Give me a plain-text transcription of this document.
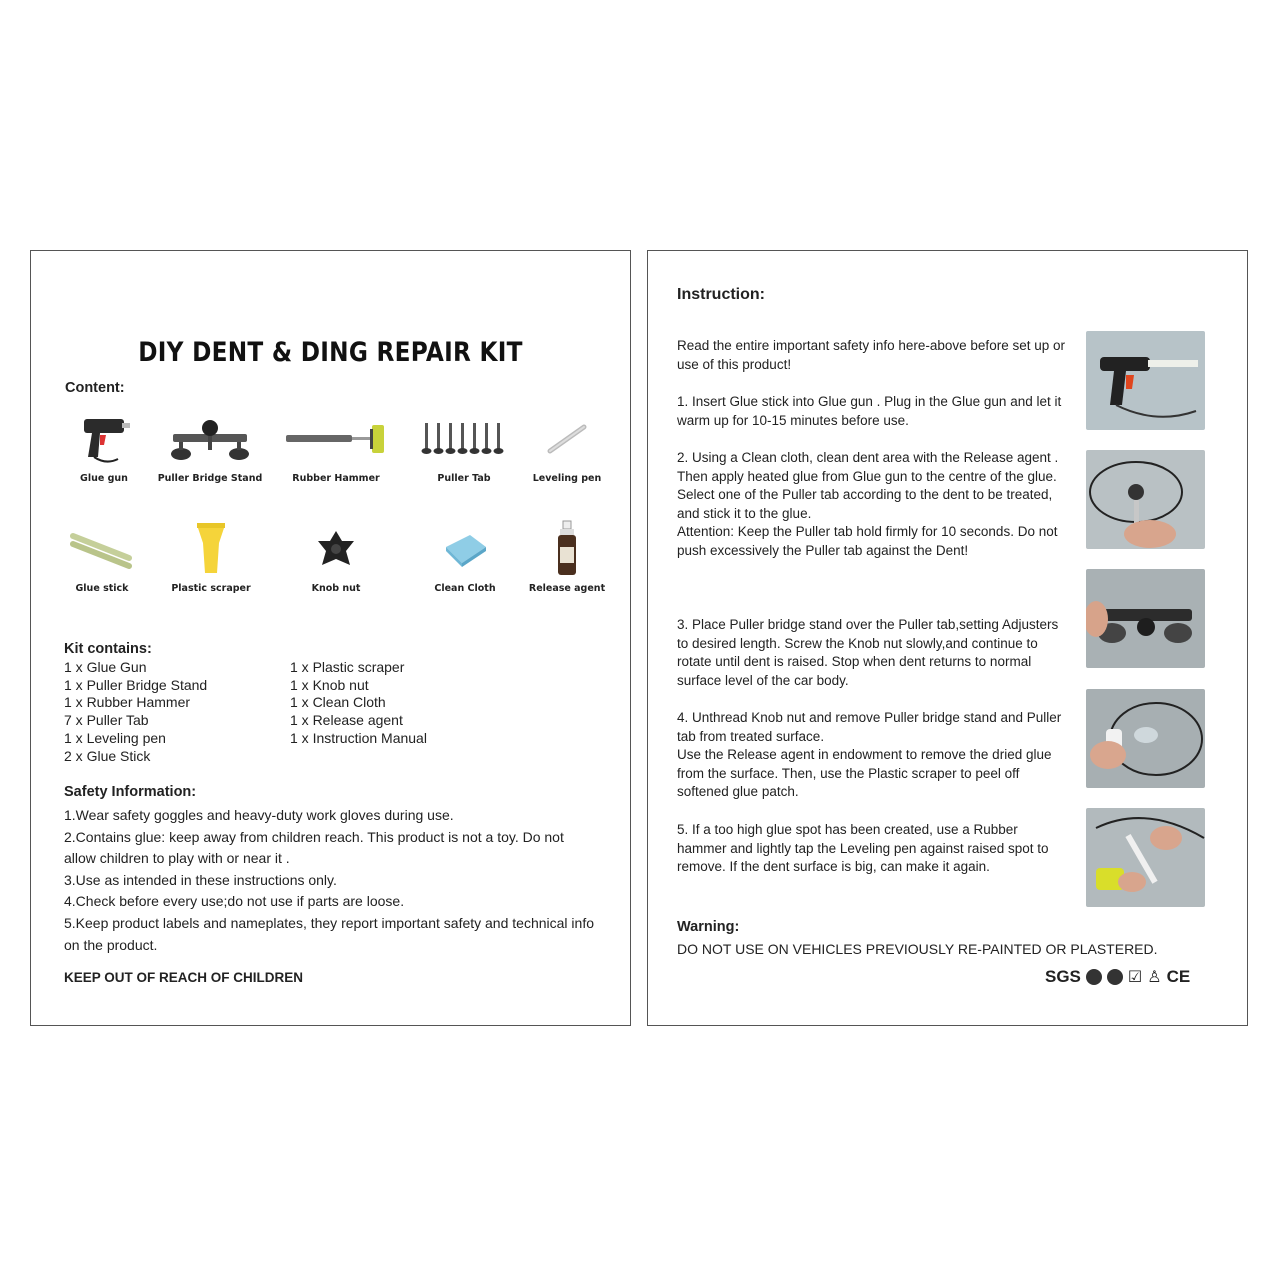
DIY DENT & DING REPAIR KIT
Content:
Glue gun	Puller Bridge Stand	Rubber Hammer	Puller Tab	Leveling pen
Glue stick	Plastic scraper	Knob nut	Clean Cloth	Release agent
Kit contains:
1 x Glue Gun
1 x Puller Bridge Stand
1 x Rubber Hammer
7 x Puller Tab
1 x Leveling pen
2 x Glue Stick
1 x Plastic scraper
1 x Knob nut
1 x Clean Cloth
1 x Release agent
1 x Instruction Manual
Safety Information:
1.Wear safety goggles and heavy-duty work gloves during use.
2.Contains glue: keep away from children reach. This product is not a toy. Do not allow children to play with or near it .
3.Use as intended in these instructions only.
4.Check before every use;do not use if parts are loose.
5.Keep product labels and nameplates, they report important safety and technical info on the product.
KEEP OUT OF REACH OF CHILDREN
Instruction:
Read the entire important safety info here-above before set up or use of this product!
1. Insert Glue stick into Glue gun . Plug in the Glue gun and let it warm up for 10-15 minutes before use.
2. Using a Clean cloth, clean dent area with the Release agent .
Then apply heated glue from Glue gun to the centre of the glue.
Select one of the Puller tab according to the dent to be treated, and stick it to the glue.
Attention: Keep the Puller tab hold firmly for 10 seconds. Do not push excessively the Puller tab against the Dent!
3. Place Puller bridge stand over the Puller tab,setting Adjusters to desired length. Screw the Knob nut slowly,and continue to rotate until dent is raised. Stop when dent returns to normal surface level of the car body.
4. Unthread Knob nut and remove Puller bridge stand and Puller tab from treated surface.
Use the Release agent in endowment to remove the dried glue from the surface. Then, use the Plastic scraper to peel off softened glue patch.
5. If a too high glue spot has been created, use a Rubber hammer and lightly tap the Leveling pen against raised spot to remove. If the dent surface is big, can make it again.
Warning:
DO NOT USE ON VEHICLES PREVIOUSLY RE-PAINTED OR PLASTERED.
SGS	☑ ♙ CE
